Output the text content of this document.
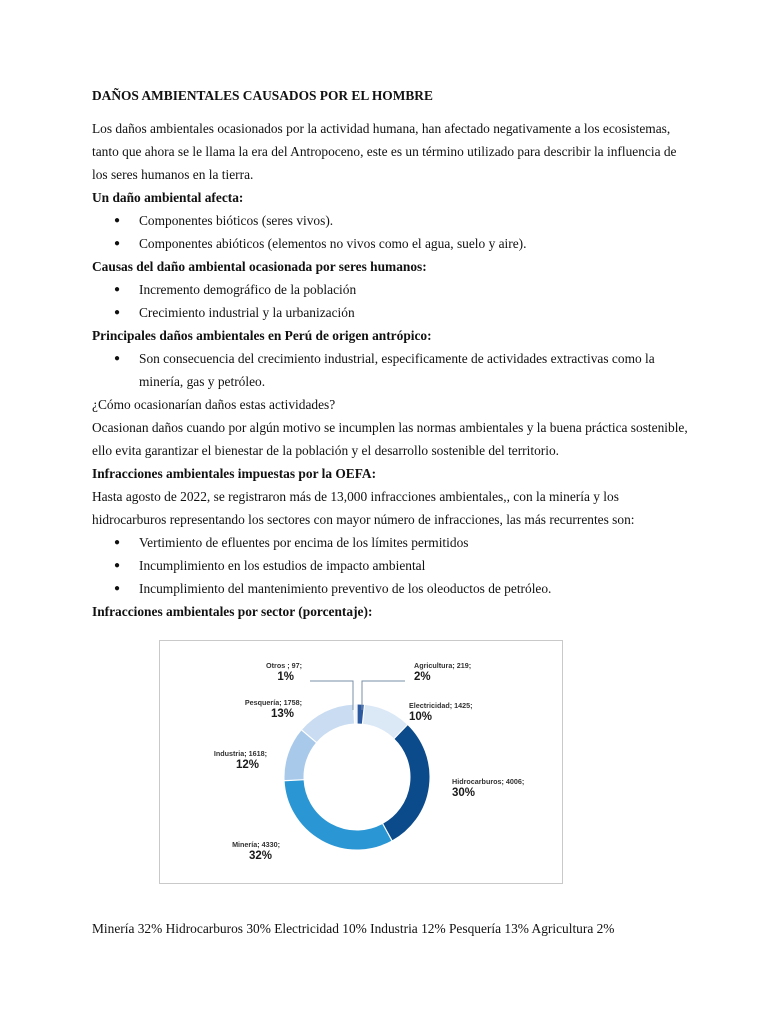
DAÑOS AMBIENTALES CAUSADOS POR EL HOMBRE

Los daños ambientales ocasionados por la actividad humana, han afectado negativamente a los ecosistemas, tanto que ahora se le llama la era del Antropoceno, este es un término utilizado para describir la influencia de los seres humanos en la tierra.

Un daño ambiental afecta:
● Componentes bióticos (seres vivos).
● Componentes abióticos (elementos no vivos como el agua, suelo y aire).
Causas del daño ambiental ocasionada por seres humanos:
● Incremento demográfico de la población
● Crecimiento industrial y la urbanización
Principales daños ambientales en Perú de origen antrópico:
● Son consecuencia del crecimiento industrial, especificamente de actividades extractivas como la minería, gas y petróleo.

¿Cómo ocasionarían daños estas actividades?

Ocasionan daños cuando por algún motivo se incumplen las normas ambientales y la buena práctica sostenible, ello evita garantizar el bienestar de la población y el desarrollo sostenible del territorio.

Infracciones ambientales impuestas por la OEFA:

Hasta agosto de 2022, se registraron más de 13,000 infracciones ambientales,, con la minería y los hidrocarburos representando los sectores con mayor número de infracciones, las más recurrentes son:

● Vertimiento de efluentes por encima de los límites permitidos
● Incumplimiento en los estudios de impacto ambiental
● Incumplimiento del mantenimiento preventivo de los oleoductos de petróleo.
Infracciones ambientales por sector (porcentaje):
Agricultura; 219;
2%
Electricidad; 1425;
10%
Hidrocarburos; 4006;
30%
Minería; 4330;
32%
Industria; 1618;
12%
Pesquería; 1758;
13%
Otros ; 97;
1%

Minería 32% Hidrocarburos 30% Electricidad 10% Industria 12% Pesquería 13% Agricultura 2%
